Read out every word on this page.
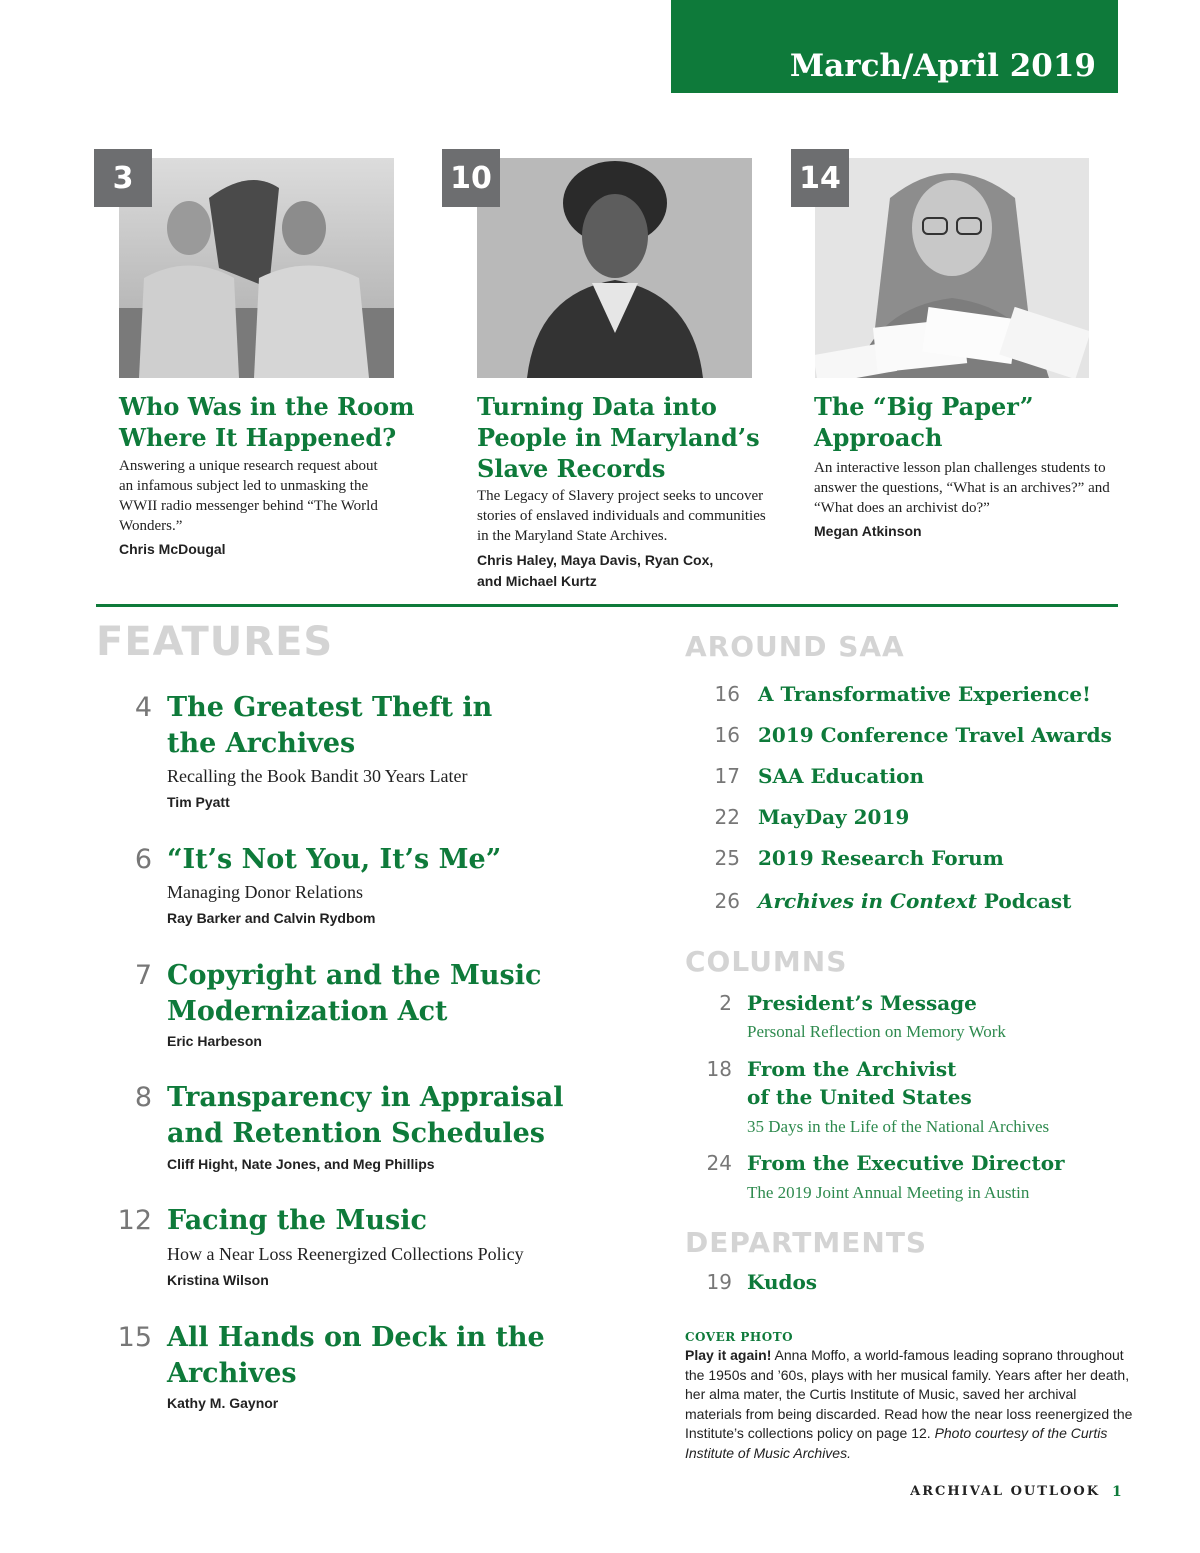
March/April 2019
3
Who Was in the Room Where It Happened?
Answering a unique research request about an infamous subject led to unmasking the WWII radio messenger behind “The World Wonders.”
Chris McDougal
10
Turning Data into People in Maryland’s Slave Records
The Legacy of Slavery project seeks to uncover stories of enslaved individuals and communities in the Maryland State Archives.
Chris Haley, Maya Davis, Ryan Cox, and Michael Kurtz
14
The “Big Paper” Approach
An interactive lesson plan challenges students to answer the questions, “What is an archives?” and “What does an archivist do?”
Megan Atkinson
FEATURES
4 The Greatest Theft in the Archives
Recalling the Book Bandit 30 Years Later
Tim Pyatt
6 “It’s Not You, It’s Me”
Managing Donor Relations
Ray Barker and Calvin Rydbom
7 Copyright and the Music Modernization Act
Eric Harbeson
8 Transparency in Appraisal and Retention Schedules
Cliff Hight, Nate Jones, and Meg Phillips
12 Facing the Music
How a Near Loss Reenergized Collections Policy
Kristina Wilson
15 All Hands on Deck in the Archives
Kathy M. Gaynor
AROUND SAA
16 A Transformative Experience!
16 2019 Conference Travel Awards
17 SAA Education
22 MayDay 2019
25 2019 Research Forum
26 Archives in Context Podcast
COLUMNS
2 President’s Message
Personal Reflection on Memory Work
18 From the Archivist
of the United States
35 Days in the Life of the National Archives
24 From the Executive Director
The 2019 Joint Annual Meeting in Austin
DEPARTMENTS
19 Kudos
COVER PHOTO
Play it again! Anna Moffo, a world-famous leading soprano throughout the 1950s and ’60s, plays with her musical family. Years after her death, her alma mater, the Curtis Institute of Music, saved her archival materials from being discarded. Read how the near loss reenergized the Institute’s collections policy on page 12. Photo courtesy of the Curtis Institute of Music Archives.
ARCHIVAL OUTLOOK 1
